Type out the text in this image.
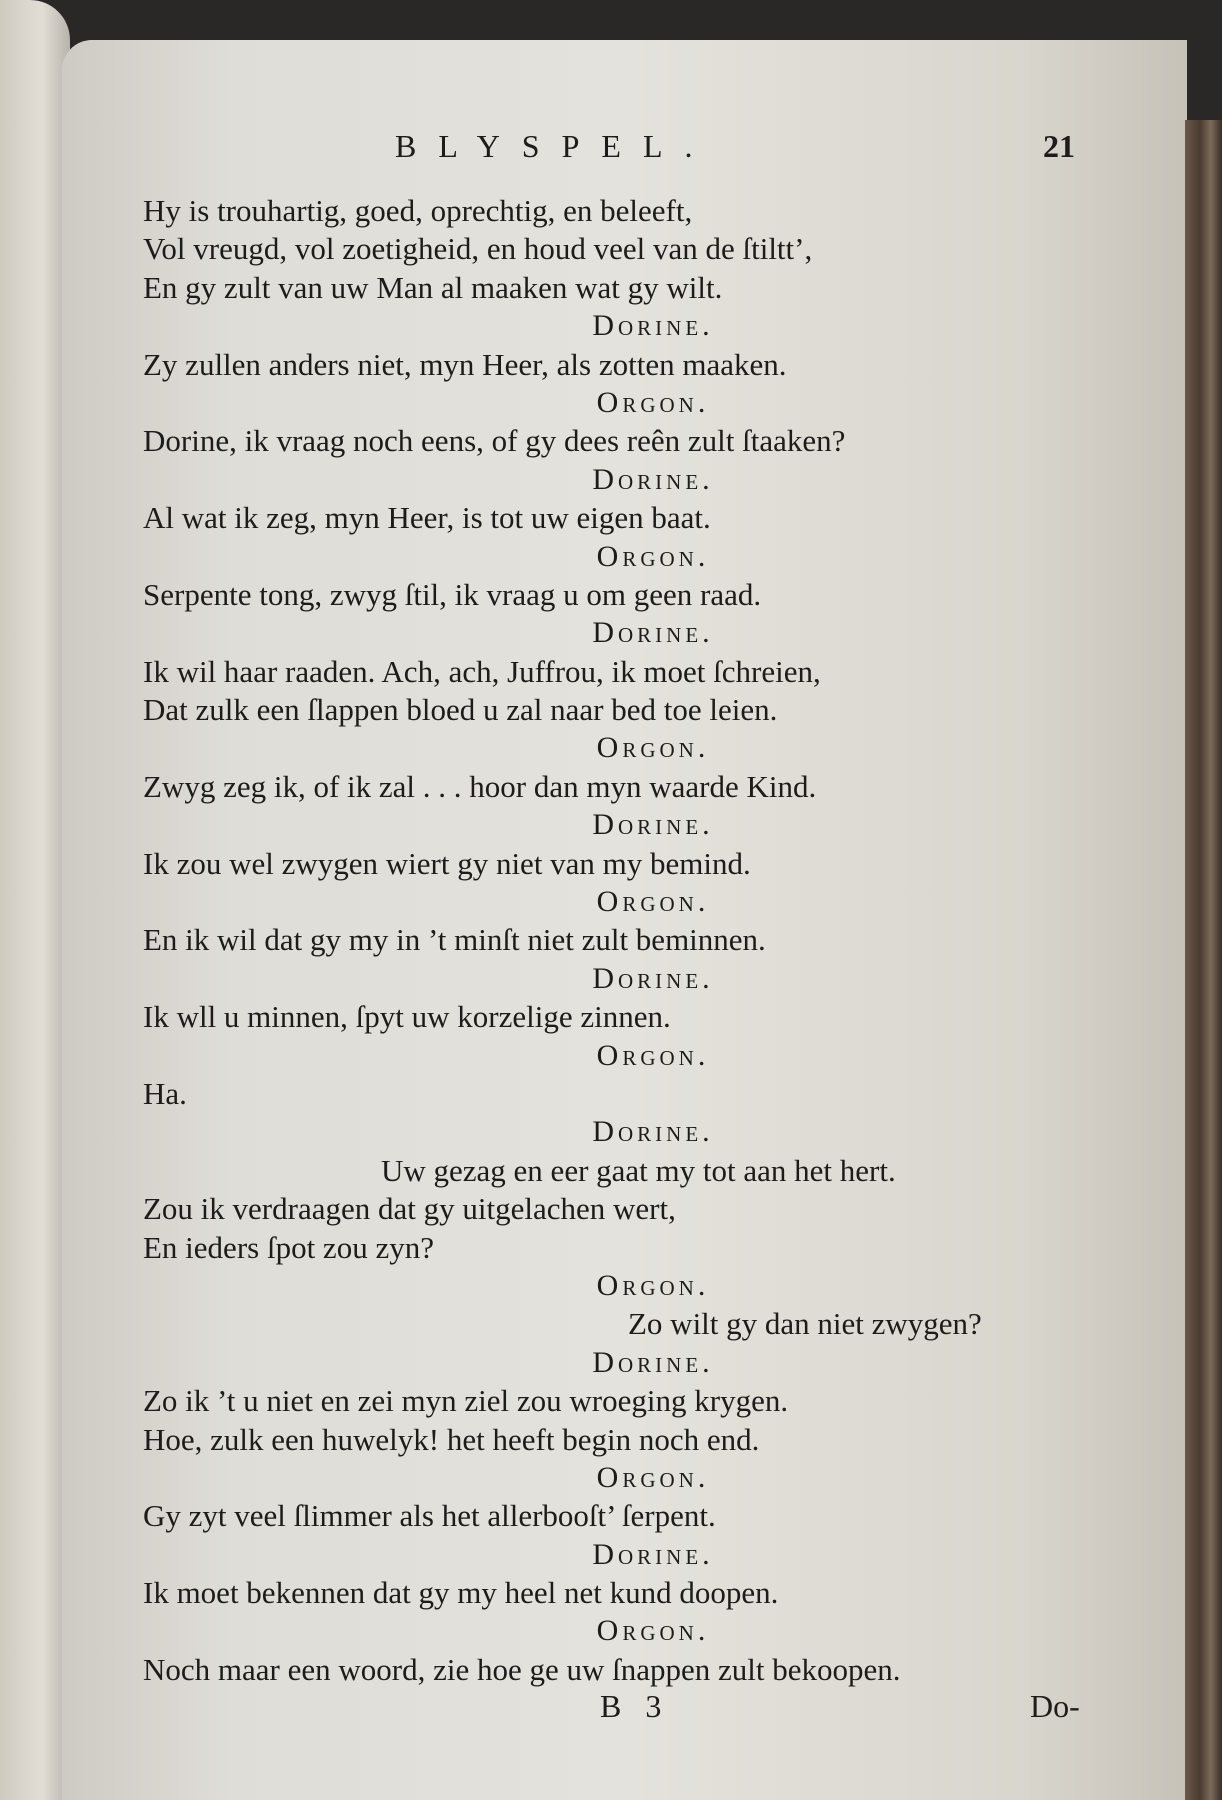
BLYSPEL.	21
Hy is trouhartig, goed, oprechtig, en beleeft,
Vol vreugd, vol zoetigheid, en houd veel van de ſtiltt’,
En gy zult van uw Man al maaken wat gy wilt.
Dorine.
Zy zullen anders niet, myn Heer, als zotten maaken.
Orgon.
Dorine, ik vraag noch eens, of gy dees reên zult ſtaaken?
Dorine.
Al wat ik zeg, myn Heer, is tot uw eigen baat.
Orgon.
Serpente tong, zwyg ſtil, ik vraag u om geen raad.
Dorine.
Ik wil haar raaden. Ach, ach, Juffrou, ik moet ſchreien,
Dat zulk een ſlappen bloed u zal naar bed toe leien.
Orgon.
Zwyg zeg ik, of ik zal . . . hoor dan myn waarde Kind.
Dorine.
Ik zou wel zwygen wiert gy niet van my bemind.
Orgon.
En ik wil dat gy my in ’t minſt niet zult beminnen.
Dorine.
Ik wll u minnen, ſpyt uw korzelige zinnen.
Orgon.
Ha.
Dorine.
Uw gezag en eer gaat my tot aan het hert.
Zou ik verdraagen dat gy uitgelachen wert,
En ieders ſpot zou zyn?
Orgon.
Zo wilt gy dan niet zwygen?
Dorine.
Zo ik ’t u niet en zei myn ziel zou wroeging krygen.
Hoe, zulk een huwelyk! het heeft begin noch end.
Orgon.
Gy zyt veel ſlimmer als het allerbooſt’ ſerpent.
Dorine.
Ik moet bekennen dat gy my heel net kund doopen.
Orgon.
Noch maar een woord, zie hoe ge uw ſnappen zult bekoopen.
B 3	Do-
